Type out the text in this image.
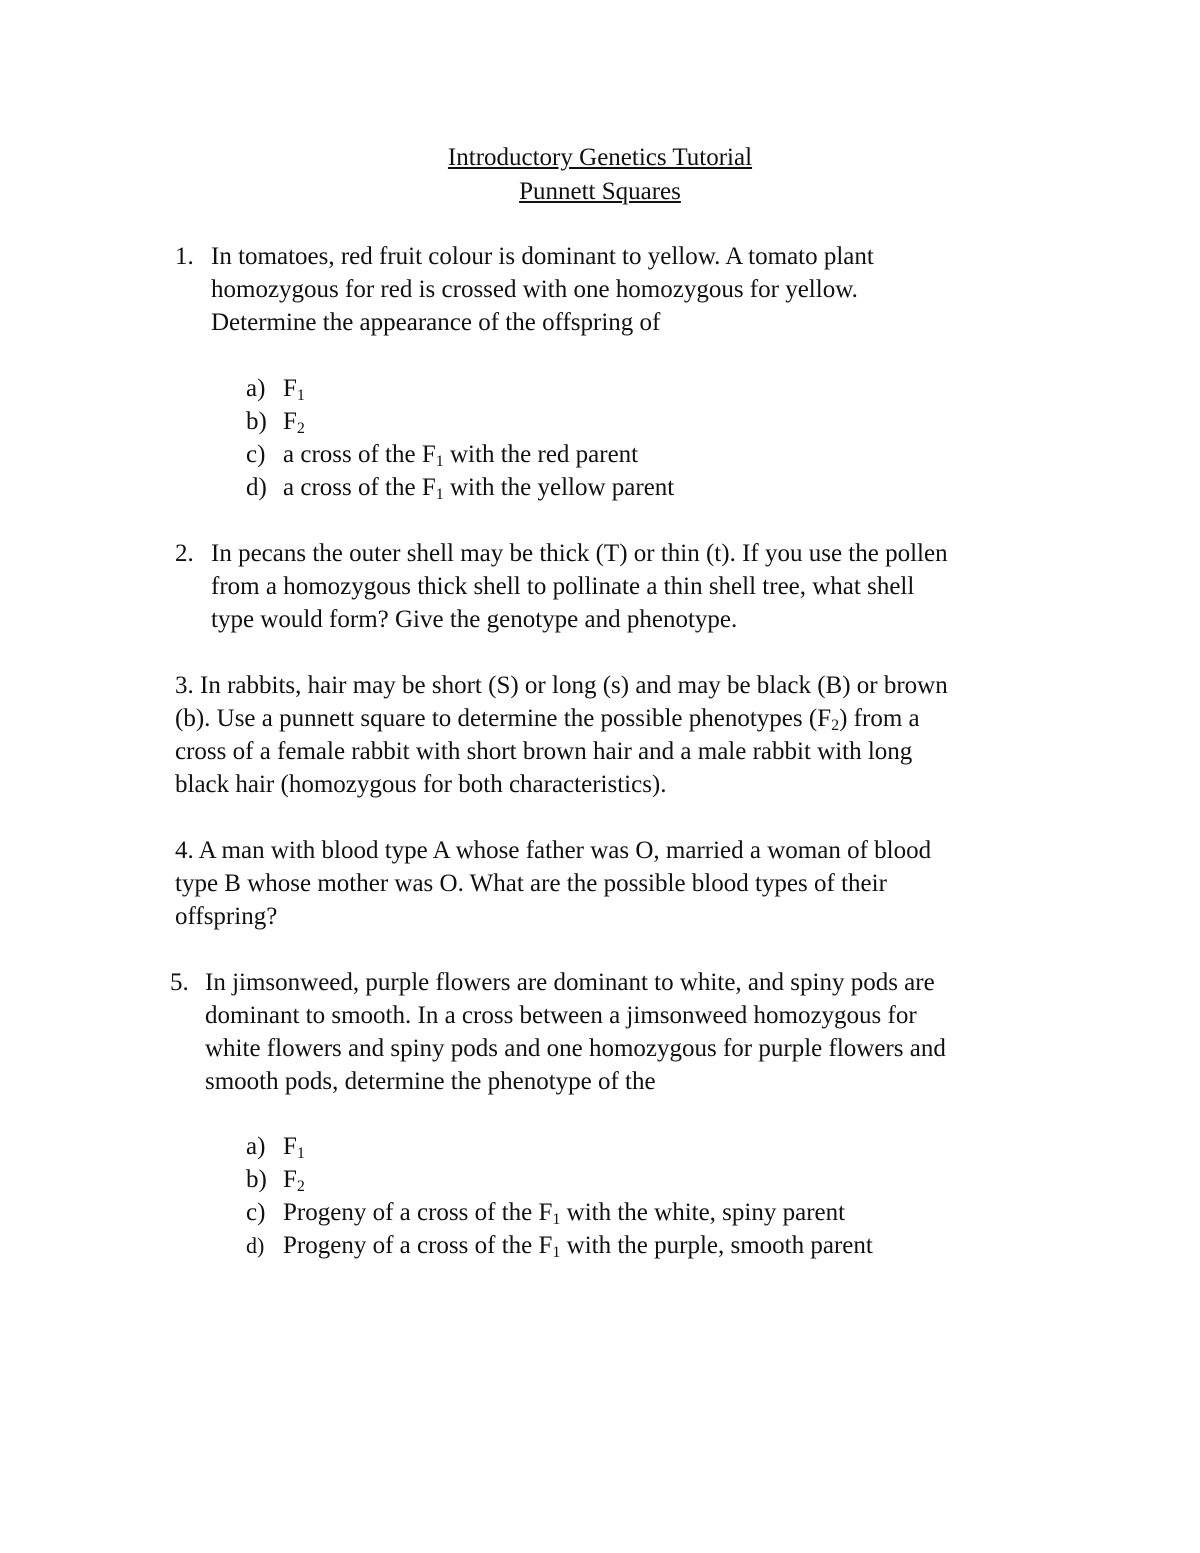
Introductory Genetics Tutorial
Punnett Squares
1. In tomatoes, red fruit colour is dominant to yellow. A tomato plant
homozygous for red is crossed with one homozygous for yellow.
Determine the appearance of the offspring of
a) $F_1$
b) $F_2$
c) a cross of the $F_1$ with the red parent
d) a cross of the $F_1$ with the yellow parent
2. In pecans the outer shell may be thick (T) or thin (t). If you use the pollen
from a homozygous thick shell to pollinate a thin shell tree, what shell
type would form? Give the genotype and phenotype.
3. In rabbits, hair may be short (S) or long (s) and may be black (B) or brown
(b). Use a punnett square to determine the possible phenotypes $(F_2)$ from a
cross of a female rabbit with short brown hair and a male rabbit with long
black hair (homozygous for both characteristics).
4. A man with blood type A whose father was O, married a woman of blood
type B whose mother was O. What are the possible blood types of their
offspring?
5. In jimsonweed, purple flowers are dominant to white, and spiny pods are
dominant to smooth. In a cross between a jimsonweed homozygous for
white flowers and spiny pods and one homozygous for purple flowers and
smooth pods, determine the phenotype of the
a) $F_1$
b) $F_2$
c) Progeny of a cross of the $F_1$ with the white, spiny parent
d) Progeny of a cross of the $F_1$ with the purple, smooth parent
